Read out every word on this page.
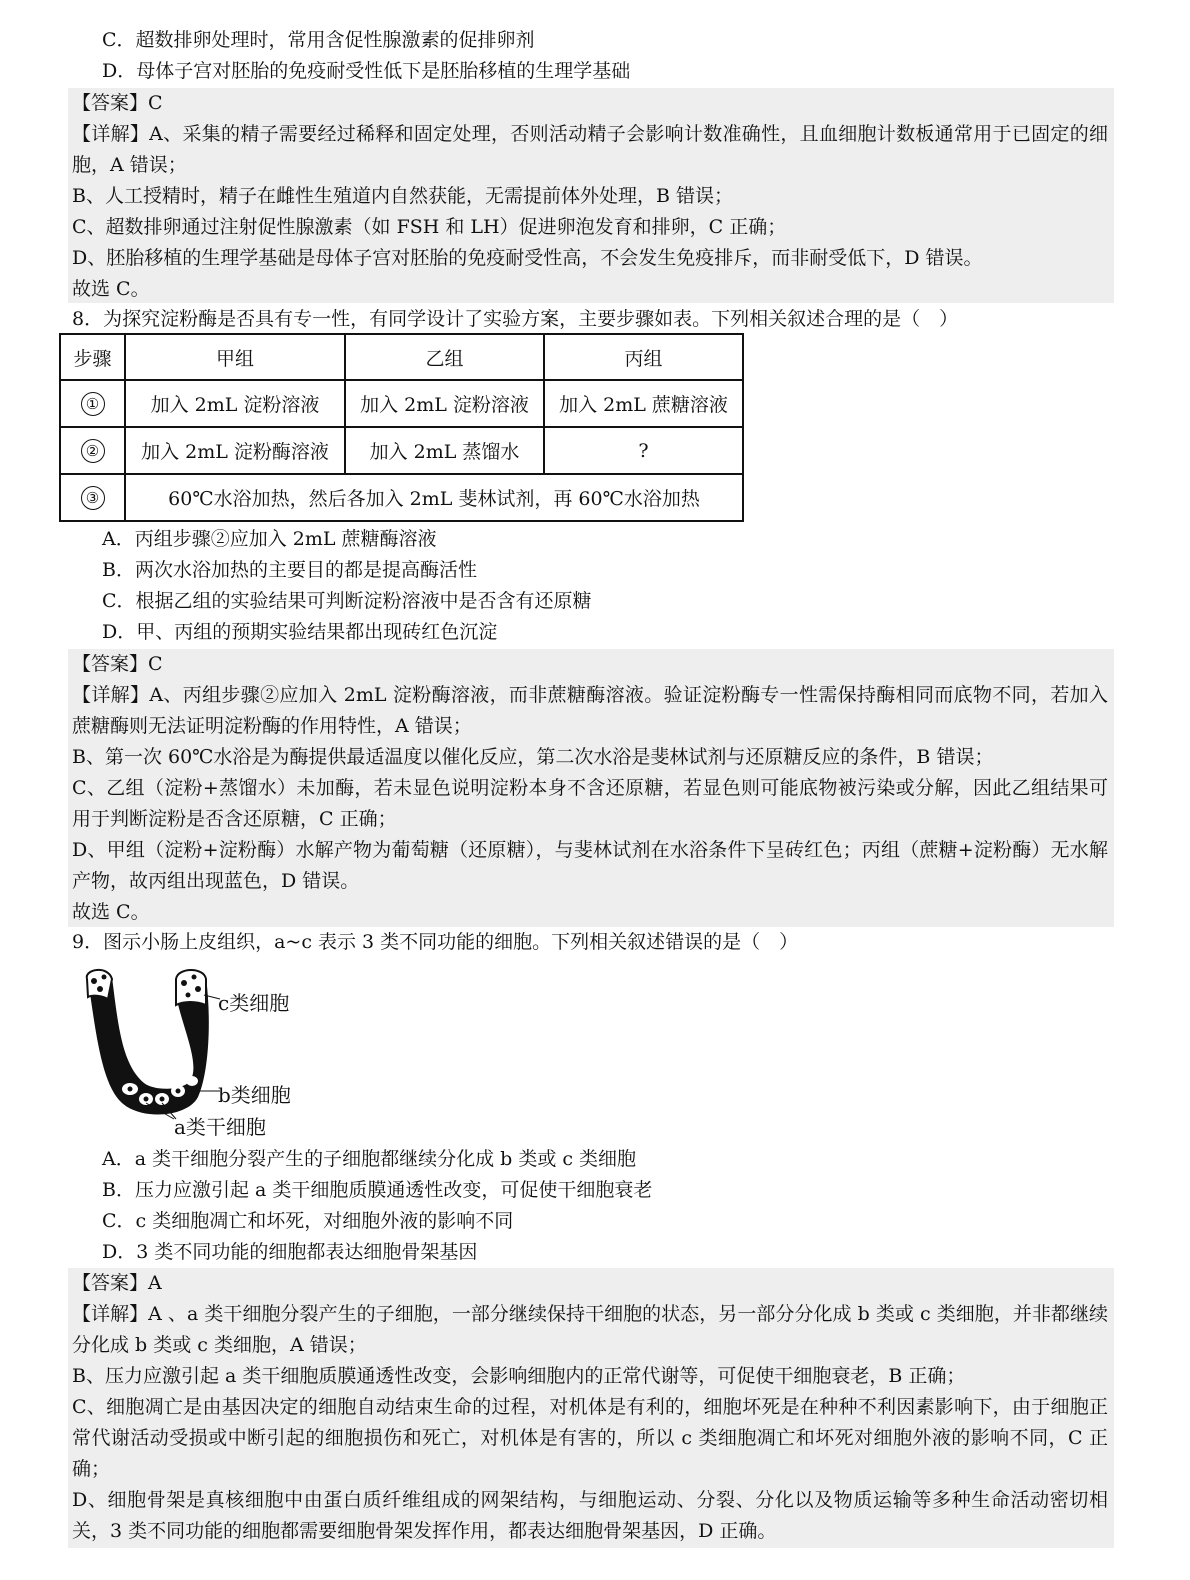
C．超数排卵处理时，常用含促性腺激素的促排卵剂
D．母体子宫对胚胎的免疫耐受性低下是胚胎移植的生理学基础
【答案】C
【详解】A、采集的精子需要经过稀释和固定处理，否则活动精子会影响计数准确性，且血细胞计数板通常用于已固定的细胞，A 错误；
B、人工授精时，精子在雌性生殖道内自然获能，无需提前体外处理，B 错误；
C、超数排卵通过注射促性腺激素（如 FSH 和 LH）促进卵泡发育和排卵，C 正确；
D、胚胎移植的生理学基础是母体子宫对胚胎的免疫耐受性高，不会发生免疫排斥，而非耐受低下，D 错误。
故选 C。
8．为探究淀粉酶是否具有专一性，有同学设计了实验方案，主要步骤如表。下列相关叙述合理的是（　）
步骤	甲组	乙组	丙组
①	加入 2mL 淀粉溶液	加入 2mL 淀粉溶液	加入 2mL 蔗糖溶液
②	加入 2mL 淀粉酶溶液	加入 2mL 蒸馏水	?
③	60℃水浴加热，然后各加入 2mL 斐林试剂，再 60℃水浴加热		
A．丙组步骤②应加入 2mL 蔗糖酶溶液
B．两次水浴加热的主要目的都是提高酶活性
C．根据乙组的实验结果可判断淀粉溶液中是否含有还原糖
D．甲、丙组的预期实验结果都出现砖红色沉淀
【答案】C
【详解】A、丙组步骤②应加入 2mL 淀粉酶溶液，而非蔗糖酶溶液。验证淀粉酶专一性需保持酶相同而底物不同，若加入蔗糖酶则无法证明淀粉酶的作用特性，A 错误；
B、第一次 60℃水浴是为酶提供最适温度以催化反应，第二次水浴是斐林试剂与还原糖反应的条件，B 错误；
C、乙组（淀粉+蒸馏水）未加酶，若未显色说明淀粉本身不含还原糖，若显色则可能底物被污染或分解，因此乙组结果可用于判断淀粉是否含还原糖，C 正确；
D、甲组（淀粉+淀粉酶）水解产物为葡萄糖（还原糖），与斐林试剂在水浴条件下呈砖红色；丙组（蔗糖+淀粉酶）无水解产物，故丙组出现蓝色，D 错误。
故选 C。
9．图示小肠上皮组织，a~c 表示 3 类不同功能的细胞。下列相关叙述错误的是（　）
c类细胞
b类细胞
a类干细胞
A．a 类干细胞分裂产生的子细胞都继续分化成 b 类或 c 类细胞
B．压力应激引起 a 类干细胞质膜通透性改变，可促使干细胞衰老
C．c 类细胞凋亡和坏死，对细胞外液的影响不同
D．3 类不同功能的细胞都表达细胞骨架基因
【答案】A
【详解】A 、a 类干细胞分裂产生的子细胞，一部分继续保持干细胞的状态，另一部分分化成 b 类或 c 类细胞，并非都继续分化成 b 类或 c 类细胞，A 错误；
B、压力应激引起 a 类干细胞质膜通透性改变，会影响细胞内的正常代谢等，可促使干细胞衰老，B 正确；
C、细胞凋亡是由基因决定的细胞自动结束生命的过程，对机体是有利的，细胞坏死是在种种不利因素影响下，由于细胞正常代谢活动受损或中断引起的细胞损伤和死亡，对机体是有害的，所以 c 类细胞凋亡和坏死对细胞外液的影响不同，C 正确；
D、细胞骨架是真核细胞中由蛋白质纤维组成的网架结构，与细胞运动、分裂、分化以及物质运输等多种生命活动密切相关，3 类不同功能的细胞都需要细胞骨架发挥作用，都表达细胞骨架基因，D 正确。
